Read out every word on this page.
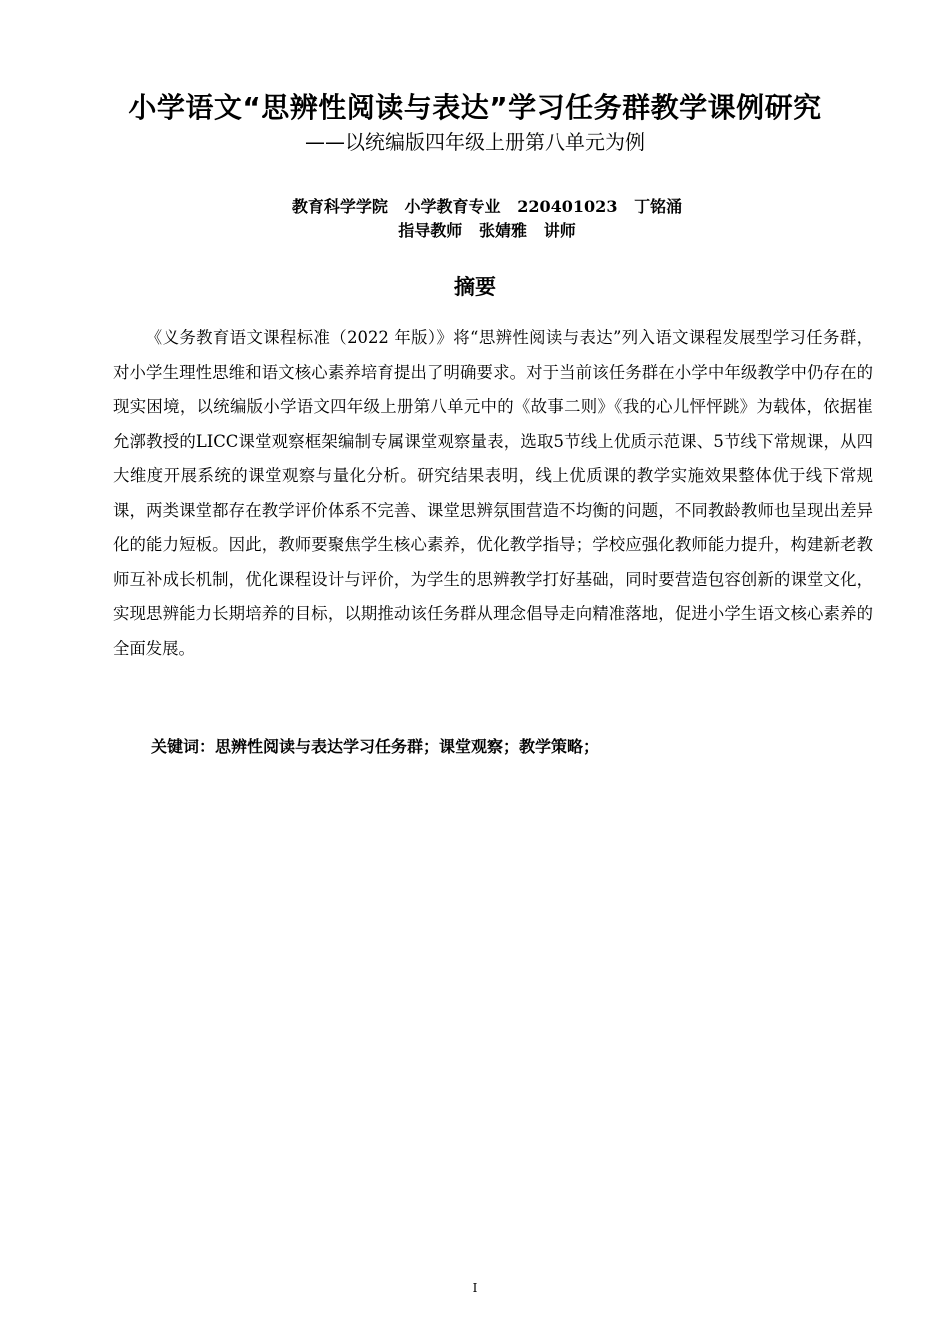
小学语文“思辨性阅读与表达”学习任务群教学课例研究
——以统编版四年级上册第八单元为例
教育科学学院   小学教育专业   220401023   丁铭涌
指导教师   张婧雅   讲师
摘要

《义务教育语文课程标准（2022 年版）》将“思辨性阅读与表达”列入语文课程发展型学习任务群，对小学生理性思维和语文核心素养培育提出了明确要求。对于当前该任务群在小学中年级教学中仍存在的现实困境，以统编版小学语文四年级上册第八单元中的《故事二则》《我的心儿怦怦跳》为载体，依据崔允漷教授的LICC课堂观察框架编制专属课堂观察量表，选取5节线上优质示范课、5节线下常规课，从四大维度开展系统的课堂观察与量化分析。研究结果表明，线上优质课的教学实施效果整体优于线下常规课，两类课堂都存在教学评价体系不完善、课堂思辨氛围营造不均衡的问题，不同教龄教师也呈现出差异化的能力短板。因此，教师要聚焦学生核心素养，优化教学指导；学校应强化教师能力提升，构建新老教师互补成长机制，优化课程设计与评价，为学生的思辨教学打好基础，同时要营造包容创新的课堂文化，实现思辨能力长期培养的目标，以期推动该任务群从理念倡导走向精准落地，促进小学生语文核心素养的全面发展。

关键词：思辨性阅读与表达学习任务群；课堂观察；教学策略；
I
